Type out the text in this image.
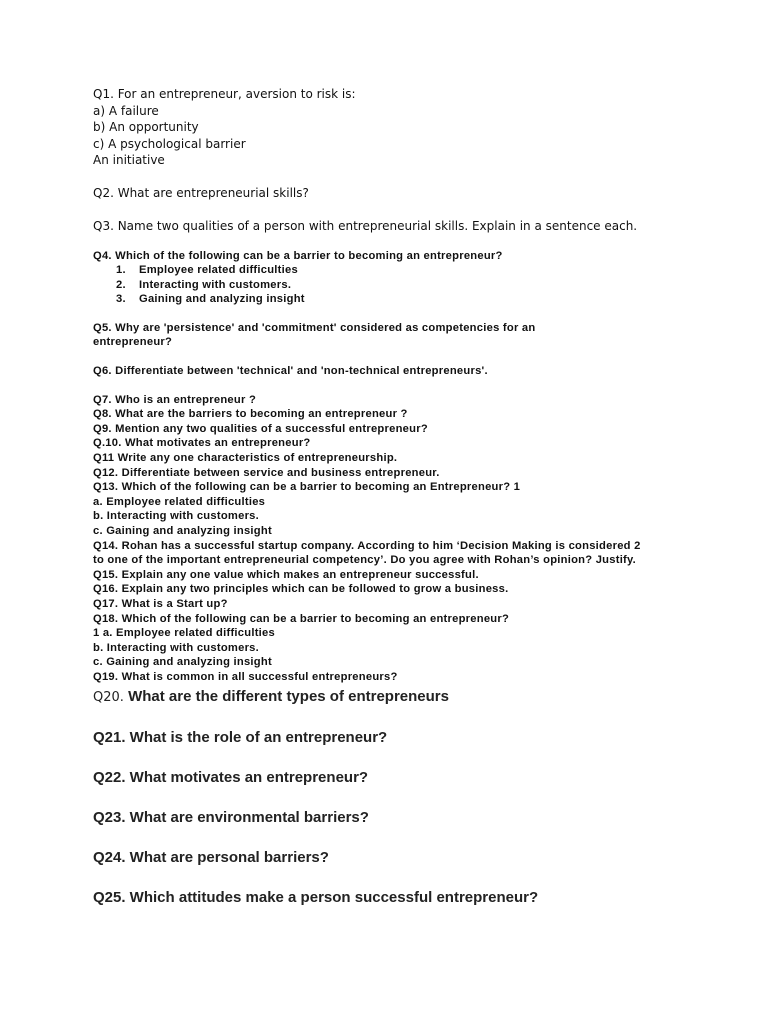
Q1. For an entrepreneur, aversion to risk is:
a) A failure
b) An opportunity
c) A psychological barrier
An initiative
Q2. What are entrepreneurial skills?
Q3. Name two qualities of a person with entrepreneurial skills. Explain in a sentence each.
Q4. Which of the following can be a barrier to becoming an entrepreneur?
1. Employee related difficulties
2. Interacting with customers.
3. Gaining and analyzing insight
Q5. Why are 'persistence' and 'commitment' considered as competencies for an entrepreneur?
Q6. Differentiate between 'technical' and 'non-technical entrepreneurs'.
Q7. Who is an entrepreneur ?
Q8. What are the barriers to becoming an entrepreneur ?
Q9. Mention any two qualities of a successful entrepreneur?
Q.10. What motivates an entrepreneur?
Q11 Write any one characteristics of entrepreneurship.
Q12. Differentiate between service and business entrepreneur.
Q13. Which of the following can be a barrier to becoming an Entrepreneur? 1
a. Employee related difficulties
b. Interacting with customers.
c. Gaining and analyzing insight
Q14. Rohan has a successful startup company. According to him ‘Decision Making is considered 2 to one of the important entrepreneurial competency’. Do you agree with Rohan’s opinion? Justify.
Q15. Explain any one value which makes an entrepreneur successful.
Q16. Explain any two principles which can be followed to grow a business.
Q17. What is a Start up?
Q18. Which of the following can be a barrier to becoming an entrepreneur?
1 a. Employee related difficulties
b. Interacting with customers.
c. Gaining and analyzing insight
Q19. What is common in all successful entrepreneurs?
Q20. What are the different types of entrepreneurs
Q21. What is the role of an entrepreneur?
Q22. What motivates an entrepreneur?
Q23. What are environmental barriers?
Q24. What are personal barriers?
Q25. Which attitudes make a person successful entrepreneur?
